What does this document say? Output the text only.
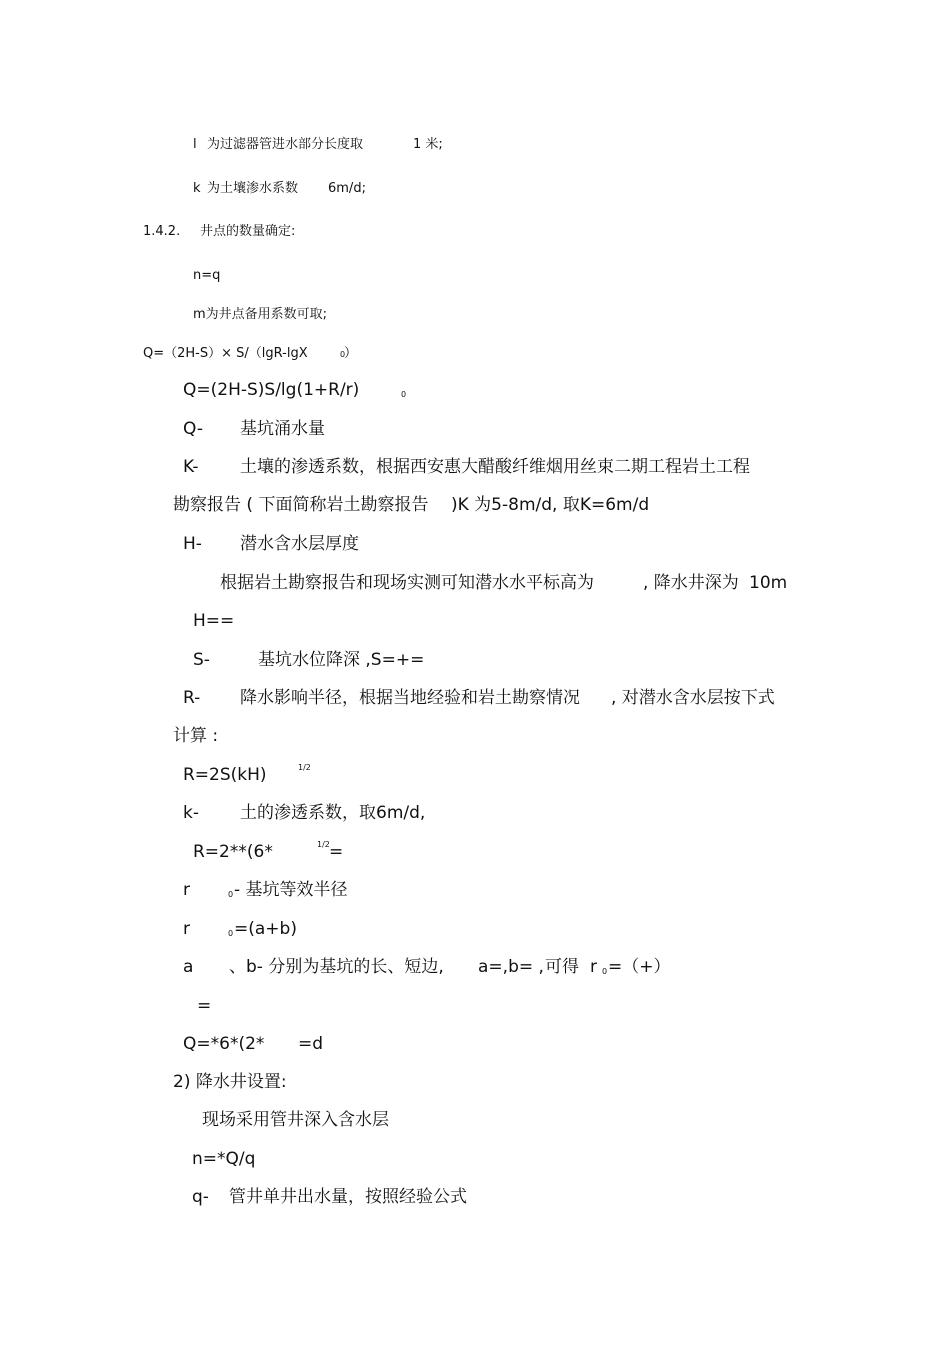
l 为过滤器管进水部分长度取	1 米;
k 为土壤渗水系数 6m/d;
1.4.2. 井点的数量确定:
n=q
m为井点备用系数可取;
Q=（2H-S）× S/（lgR-lgX	0
）
Q=(2H-S)S/lg(1+R/r)	0
Q- 基坑涌水量
K- 土壤的渗透系数，根据西安惠大醋酸纤维烟用丝束二期工程岩土工程
勘察报告 ( 下面简称岩土勘察报告 )K 为5-8m/d, 取K=6m/d
H- 潜水含水层厚度
根据岩土勘察报告和现场实测可知潜水水平标高为	, 降水井深为 10m
H==
S-	基坑水位降深 ,S=+=
R- 降水影响半径，根据当地经验和岩土勘察情况 , 对潜水含水层按下式
计算 :
R=2S(kH)	1/2
k- 土的渗透系数，取6m/d,
R=2**(6*	1/2 =
r	0 - 基坑等效半径
r	0 =(a+b)
a 、b- 分别为基坑的长、短边, a=,b= , 可得 r 0 =（+）
=
Q=*6*(2* =d
2) 降水井设置:
现场采用管井深入含水层
n=*Q/q
q- 管井单井出水量，按照经验公式
